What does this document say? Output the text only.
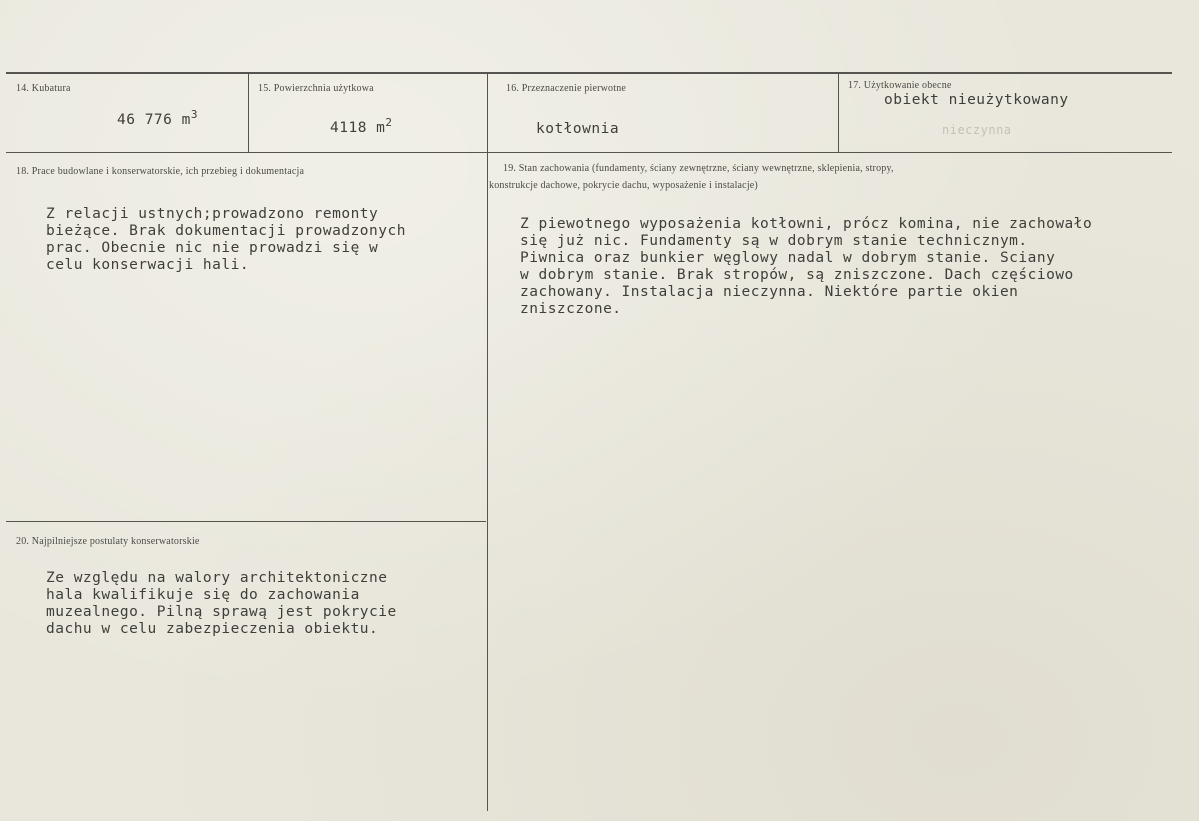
14. Kubatura
46 776 $m^3$
15. Powierzchnia użytkowa
4118 $m^2$
16. Przeznaczenie pierwotne
kotłownia
17. Użytkowanie obecne
obiekt nieużytkowany
nieczynna
18. Prace budowlane i konserwatorskie, ich przebieg i dokumentacja
Z relacji ustnych;prowadzono remonty
bieżące. Brak dokumentacji prowadzonych
prac. Obecnie nic nie prowadzi się w
celu konserwacji hali.
19. Stan zachowania (fundamenty, ściany zewnętrzne, ściany wewnętrzne, sklepienia, stropy,
konstrukcje dachowe, pokrycie dachu, wyposażenie i instalacje)
Z piewotnego wyposażenia kotłowni, prócz komina, nie zachowało
się już nic. Fundamenty są w dobrym stanie technicznym.
Piwnica oraz bunkier węglowy nadal w dobrym stanie. Sciany
w dobrym stanie. Brak stropów, są zniszczone. Dach częściowo
zachowany. Instalacja nieczynna. Niektóre partie okien
zniszczone.
20. Najpilniejsze postulaty konserwatorskie
Ze względu na walory architektoniczne
hala kwalifikuje się do zachowania
muzealnego. Pilną sprawą jest pokrycie
dachu w celu zabezpieczenia obiektu.
